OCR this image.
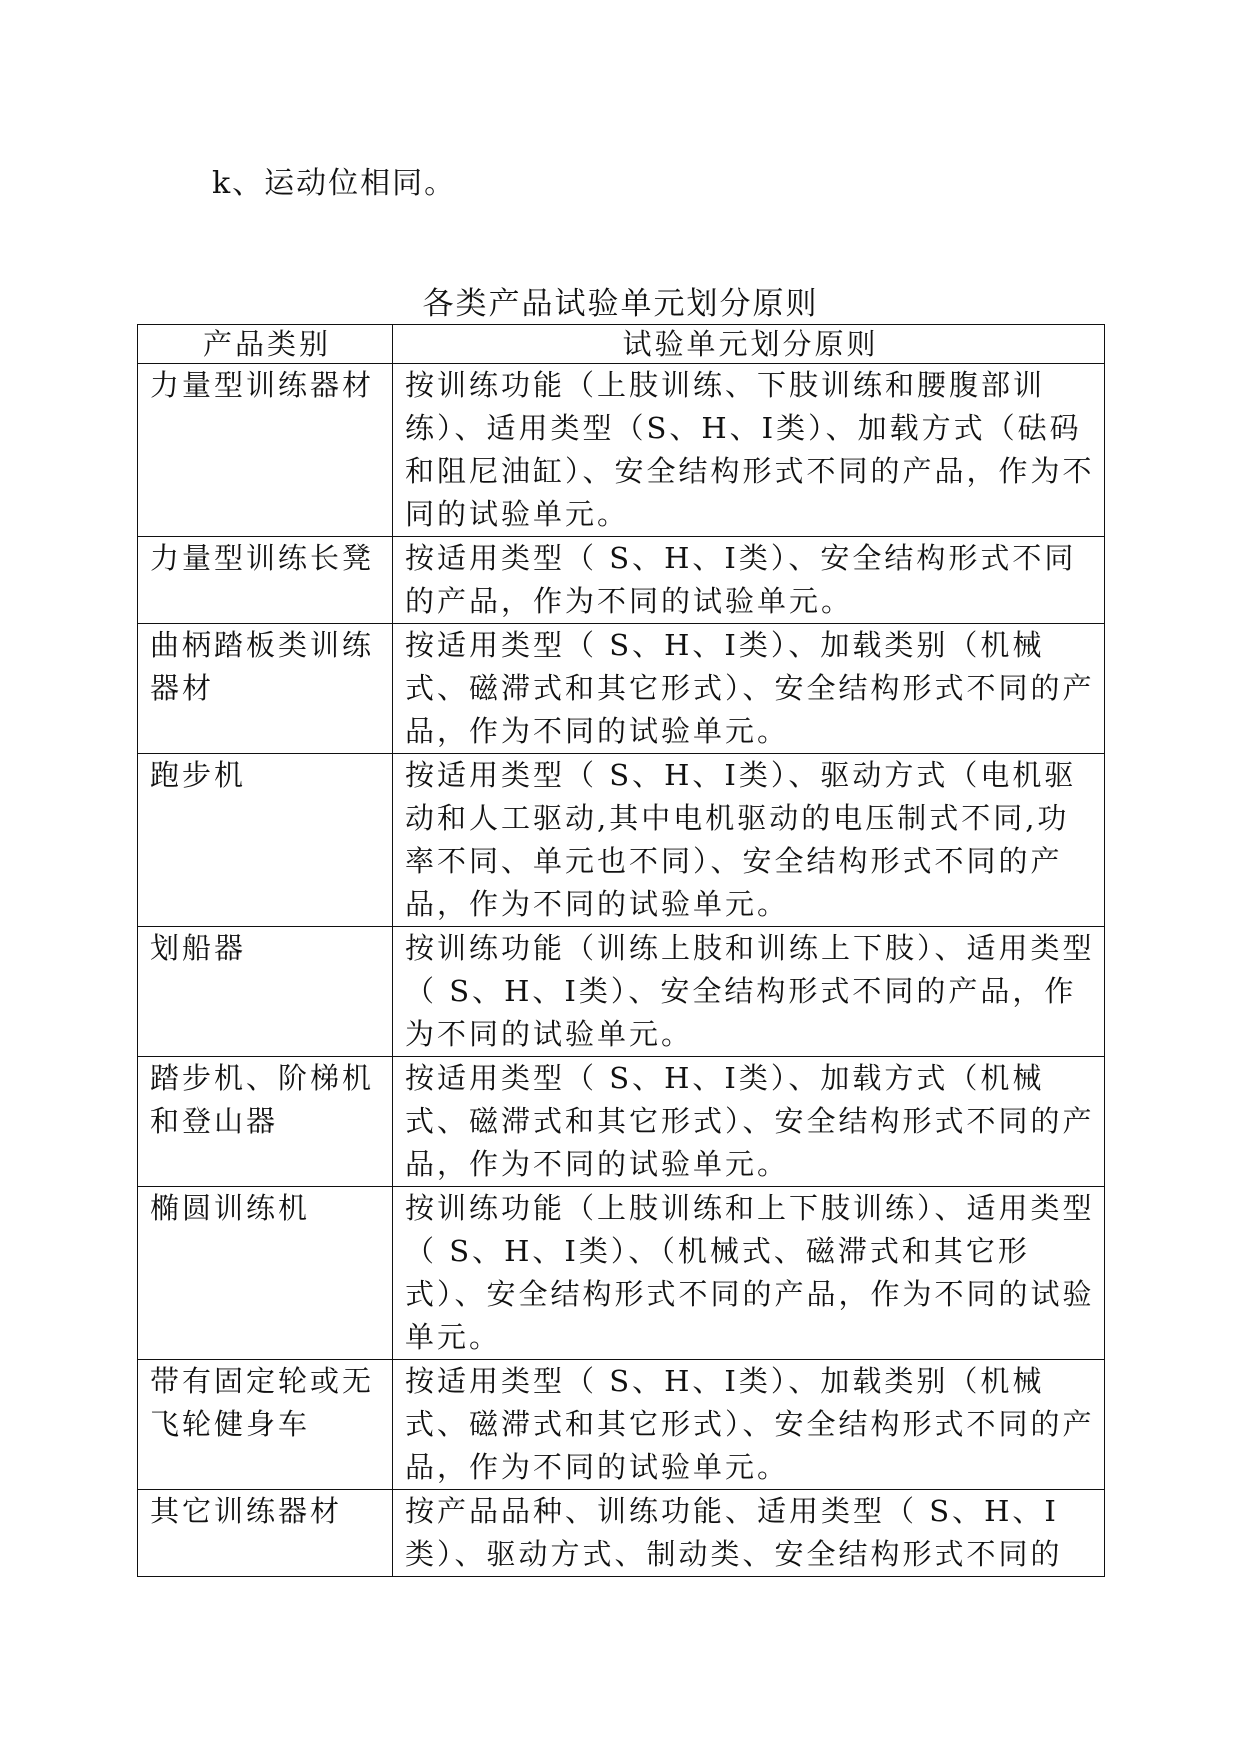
k、运动位相同。
各类产品试验单元划分原则
产品类别	试验单元划分原则
力量型训练器材	按训练功能（上肢训练、下肢训练和腰腹部训练）、适用类型（S、H、I类）、加载方式（砝码和阻尼油缸）、安全结构形式不同的产品，作为不同的试验单元。
力量型训练长凳	按适用类型（ S、H、I类）、安全结构形式不同的产品，作为不同的试验单元。
曲柄踏板类训练器材	按适用类型（ S、H、I类）、加载类别（机械式、磁滞式和其它形式）、安全结构形式不同的产品，作为不同的试验单元。
跑步机	按适用类型（ S、H、I类）、驱动方式（电机驱动和人工驱动,其中电机驱动的电压制式不同,功率不同、单元也不同）、安全结构形式不同的产品，作为不同的试验单元。
划船器	按训练功能（训练上肢和训练上下肢）、适用类型（ S、H、I类）、安全结构形式不同的产品，作为不同的试验单元。
踏步机、阶梯机和登山器	按适用类型（ S、H、I类）、加载方式（机械式、磁滞式和其它形式）、安全结构形式不同的产品，作为不同的试验单元。
椭圆训练机	按训练功能（上肢训练和上下肢训练）、适用类型（ S、H、I类）、（机械式、磁滞式和其它形式）、安全结构形式不同的产品，作为不同的试验单元。
带有固定轮或无飞轮健身车	按适用类型（ S、H、I类）、加载类别（机械式、磁滞式和其它形式）、安全结构形式不同的产品，作为不同的试验单元。
其它训练器材	按产品品种、训练功能、适用类型（ S、H、I类）、驱动方式、制动类、安全结构形式不同的
